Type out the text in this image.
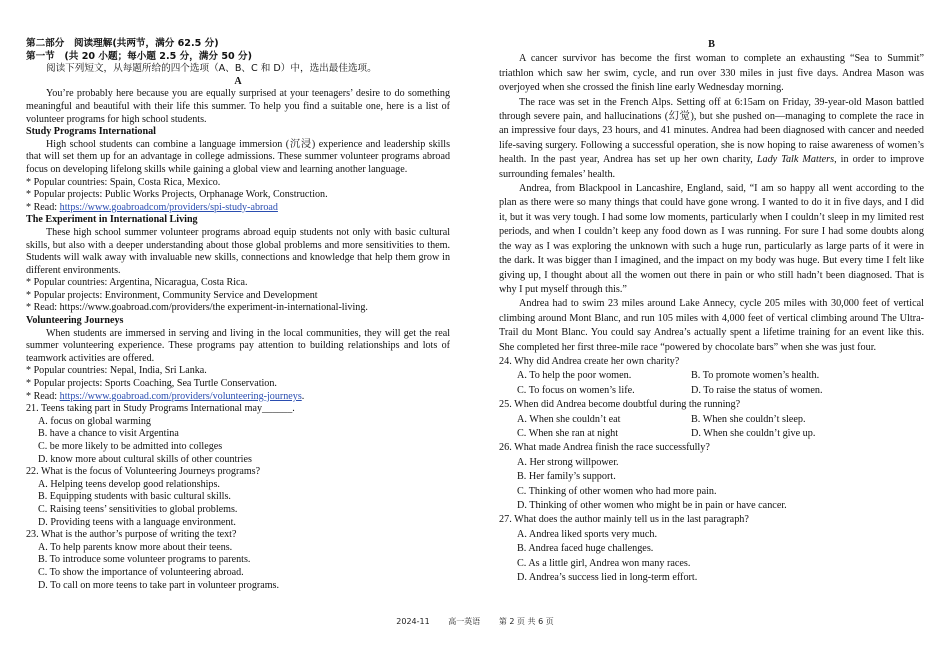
第二部分　阅读理解(共两节，满分 62.5 分)
第一节　(共 20 小题；每小题 2.5 分，满分 50 分)
阅读下列短文，从每题所给的四个选项（A、B、C 和 D）中，选出最佳选项。
A

You’re probably here because you are equally surprised at your teenagers’ desire to do something meaningful and beautiful with their life this summer. To help you find a suitable one, here is a list of volunteer programs for high school students.

Study Programs International

High school students can combine a language immersion (沉浸) experience and leadership skills that will set them up for an advantage in college admissions. These summer volunteer programs abroad focus on developing lifelong skills while gaining a global view and learning another language.

* Popular countries: Spain, Costa Rica, Mexico.
* Popular projects: Public Works Projects, Orphanage Work, Construction.
* Read: https://www.goabroadcom/providers/spi-study-abroad
The Experiment in International Living

These high school summer volunteer programs abroad equip students not only with basic cultural skills, but also with a deeper understanding about those global problems and more sensitivities to them. Students will walk away with invaluable new skills, connections and knowledge that help them grow in different environments.

* Popular countries: Argentina, Nicaragua, Costa Rica.
* Popular projects: Environment, Community Service and Development
* Read: https://www.goabroad.com/providers/the experiment-in-international-living.
Volunteering Journeys

When students are immersed in serving and living in the local communities, they will get the real summer volunteering experience. These programs pay attention to building relationships and lots of teamwork activities are offered.

* Popular countries: Nepal, India, Sri Lanka.
* Popular projects: Sports Coaching, Sea Turtle Conservation.
* Read: https://www.goabroad.com/providers/volunteering-journeys.
21. Teens taking part in Study Programs International may______.
A. focus on global warming
B. have a chance to visit Argentina
C. be more likely to be admitted into colleges
D. know more about cultural skills of other countries
22. What is the focus of Volunteering Journeys programs?
A. Helping teens develop good relationships.
B. Equipping students with basic cultural skills.
C. Raising teens’ sensitivities to global problems.
D. Providing teens with a language environment.
23. What is the author’s purpose of writing the text?
A. To help parents know more about their teens.
B. To introduce some volunteer programs to parents.
C. To show the importance of volunteering abroad.
D. To call on more teens to take part in volunteer programs.
B

A cancer survivor has become the first woman to complete an exhausting “Sea to Summit” triathlon which saw her swim, cycle, and run over 330 miles in just five days. Andrea Mason was overjoyed when she crossed the finish line early Wednesday morning.

The race was set in the French Alps. Setting off at 6:15am on Friday, 39-year-old Mason battled through severe pain, and hallucinations (幻觉), but she pushed on—managing to complete the race in an impressive four days, 23 hours, and 41 minutes. Andrea had been diagnosed with cancer and needed life-saving surgery. Following a successful operation, she is now hoping to raise awareness of women’s health. In the past year, Andrea has set up her own charity, Lady Talk Matters, in order to improve surrounding females’ health.

Andrea, from Blackpool in Lancashire, England, said, “I am so happy all went according to the plan as there were so many things that could have gone wrong. I wanted to do it in five days, and I did it, but it was very tough. I had some low moments, particularly when I couldn’t sleep in my limited rest periods, and when I couldn’t keep any food down as I was running. For sure I had some doubts along the way as I was exploring the unknown with such a huge run, particularly as large parts of it were in the dark. It was bigger than I imagined, and the impact on my body was huge. But every time I felt like giving up, I thought about all the women out there in pain or who still hadn’t been diagnosed. That is why I put myself through this.”

Andrea had to swim 23 miles around Lake Annecy, cycle 205 miles with 30,000 feet of vertical climbing around Mont Blanc, and run 105 miles with 4,000 feet of vertical climbing around The Ultra-Trail du Mont Blanc. You could say Andrea’s actually spent a lifetime training for an event like this. She completed her first three-mile race “powered by chocolate bars” when she was just four.

24. Why did Andrea create her own charity?
A. To help the poor women.	B. To promote women’s health.
C. To focus on women’s life.	D. To raise the status of women.
25. When did Andrea become doubtful during the running?
A. When she couldn’t eat	B. When she couldn’t sleep.
C. When she ran at night	D. When she couldn’t give up.
26. What made Andrea finish the race successfully?
A. Her strong willpower.
B. Her family’s support.
C. Thinking of other women who had more pain.
D. Thinking of other women who might be in pain or have cancer.
27. What does the author mainly tell us in the last paragraph?
A. Andrea liked sports very much.
B. Andrea faced huge challenges.
C. As a little girl, Andrea won many races.
D. Andrea’s success lied in long-term effort.
2024-11 高一英语 第 2 页 共 6 页
